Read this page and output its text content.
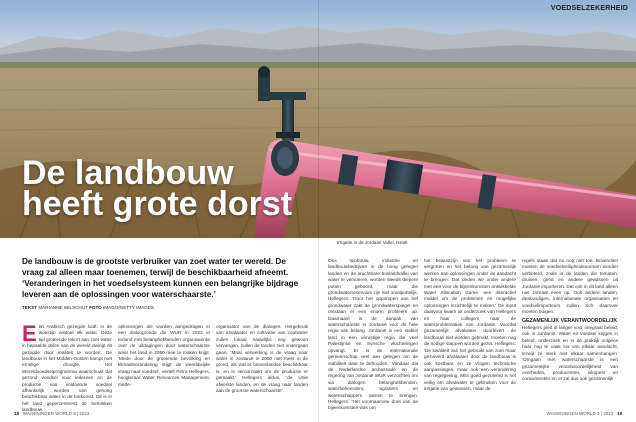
VOEDSELZEKERHEID
De landbouw
heeft grote dorst
Irrigatie in de Jordaan Vallei, Israël.
De landbouw is de grootste verbruiker van zoet water ter wereld. De vraag zal alleen maar toenemen, terwijl de beschikbaarheid afneemt. ‘Veranderingen in het voedselsysteem kunnen een belangrijke bijdrage leveren aan de oplossingen voor waterschaarste.’
TEKST MARIANNE WILSCHUT FOTO IMAGO/GETTY IMAGES
Een Arabisch gezegde luidt: in de woestijn voldoet elk water. Deze tijd groeiende tekort aan zoet water in bepaalde delen van de wereld dwingt dit gezegde door realiteit te worden. De landbouw in het Midden-Oosten kampt met ernstige droogte. Het Wereldvoedselprogramma waarschuwt dat gezond voedsel voor iedereen en de productie van voldoende voedsel afhankelijk worden van genoeg beschikbaar water in de toekomst. Dit is in het land gepercenteerd de betrokken landbouw.
oplossingen die worden aangedragen in een dialoogronde die WUR in 2022 in Ierland met belanghebbenden organiseerde over de uitdagingen door waterschaarste waar het land in 2050 mee te maken krijgt. ‘Mede door de groeiende bevolking en klimaatverandering stijgt de wereldwijde vraag naar voedsel’, vertelt Petra Hellegers, hoogleraar Water Resources Management, mede-
organisator van de dialogen. Hergebruik van afvalwater en cultivatie van zoutwater zullen lokaal nauwlijks nog gewoon vervangen, zullen de landen niet ondergaan gaan. ‘Maar verwerking is de vraag naar water in Jordanië in 2050 niet meer in de grond, als wat er binnenlandse beschikbaar is, en is veroorzaakt om de productie er gemaakt.’ Hellegers aldus, ‘de Unie afwerkte landen, en de vraag naar landen aan de grootste waterschaarste’.
Ons tuinbouw, industrie en landbouwbedrijven in de hoog gelegen landen en de vruchtbare boslandvallei van water te vervoeren, worden steeds diepere putten geboord, maar die grondwaterreservoirs zijn niet onuitputtelijk. Hellegers: ‘Door het oppompen van het grondwater zakt de grondwaterspiegel en ontstaan er een enorm probleem op. Daarnaast is de aanpak van waterschaarste in Jordanië voor de hele regio van belang. Jordanië is een stabiel land in een onrustige regio die veel Palestijnse en Syrische vluchtelingen opvangt. Er is de internationale gemeenschap veel aan gelegen om de stabiliteit daar te behouden.’ Vandaar dat de Nederlandse ambassade en de regering van Jordanië WUR verzochten om via dialogen belanghebbenden, waterbeheerders, agrariërs en wetenschappers samen te brengen. Hellegers: ‘Het voornaamste doel van de bijeenkomsten was om
het bewustzijn van het probleem te vergroten en het belang van gezamenlijk werken aan oplossingen onder de aandacht te brengen. Dat deden we onder andere met een voor de bijeenkomsten ontwikkelde Water Allocation Game, een interactief middel om de problemen en mogelijke oplossingen inzichtelijk te maken.’ De input daarvoor kwam uit onderzoek van Hellegers en haar collega’s naar de waterproblematiek van Jordanië. Voordat gezamenlijk afvalwater doorlevert de landbouw niet worden gebruikt, moeten nog de nodige stappen worden gezet. Hellegers: ‘De kwaliteit van het gebruikt van zoet maar gezuiverd afvalwater door de landbouw is ook kostbaar en ze vragen technische aanpassingen, maar ook een verandering van regelgeving. Mits goed gezuiverd is het veilig om afvalwater te gebruiken voor de irrigatie van gewassen, maar de
regels staan dat nu nog niet toe. Bovendien moeten de voedselveiligheidsnormen worden verbeterd, zoals in de landen die tomaten, druiven, gerst en andere gewassen uit Jordanië importeren. Dat ook in dit land alleen niet zomaar even op. Ook andere landen, deskundigen, internationale organisaties en voedselimporteurs zullen zich daarover moeten buigen.’
GEZAMENLIJK VERANTWOORDELIJK
Hellegers pleit al langer voor integraal beleid, ook in Jordanië. Water en voedsel krijgen in beleid, onderzoek en in de praktijk volgens haar nog te vaak los van elkaar aandacht, terwijl ze sterk met elkaar samenhangen. ‘Omgaan met waterschaarste is een gezamenlijke verantwoordelijkheid van overheden, producenten, inkopers en consumenten en er zal dus ook gezamenlijk
18 WAGENINGEN WORLD 3 | 2023	WAGENINGEN WORLD 3 | 2023 19
